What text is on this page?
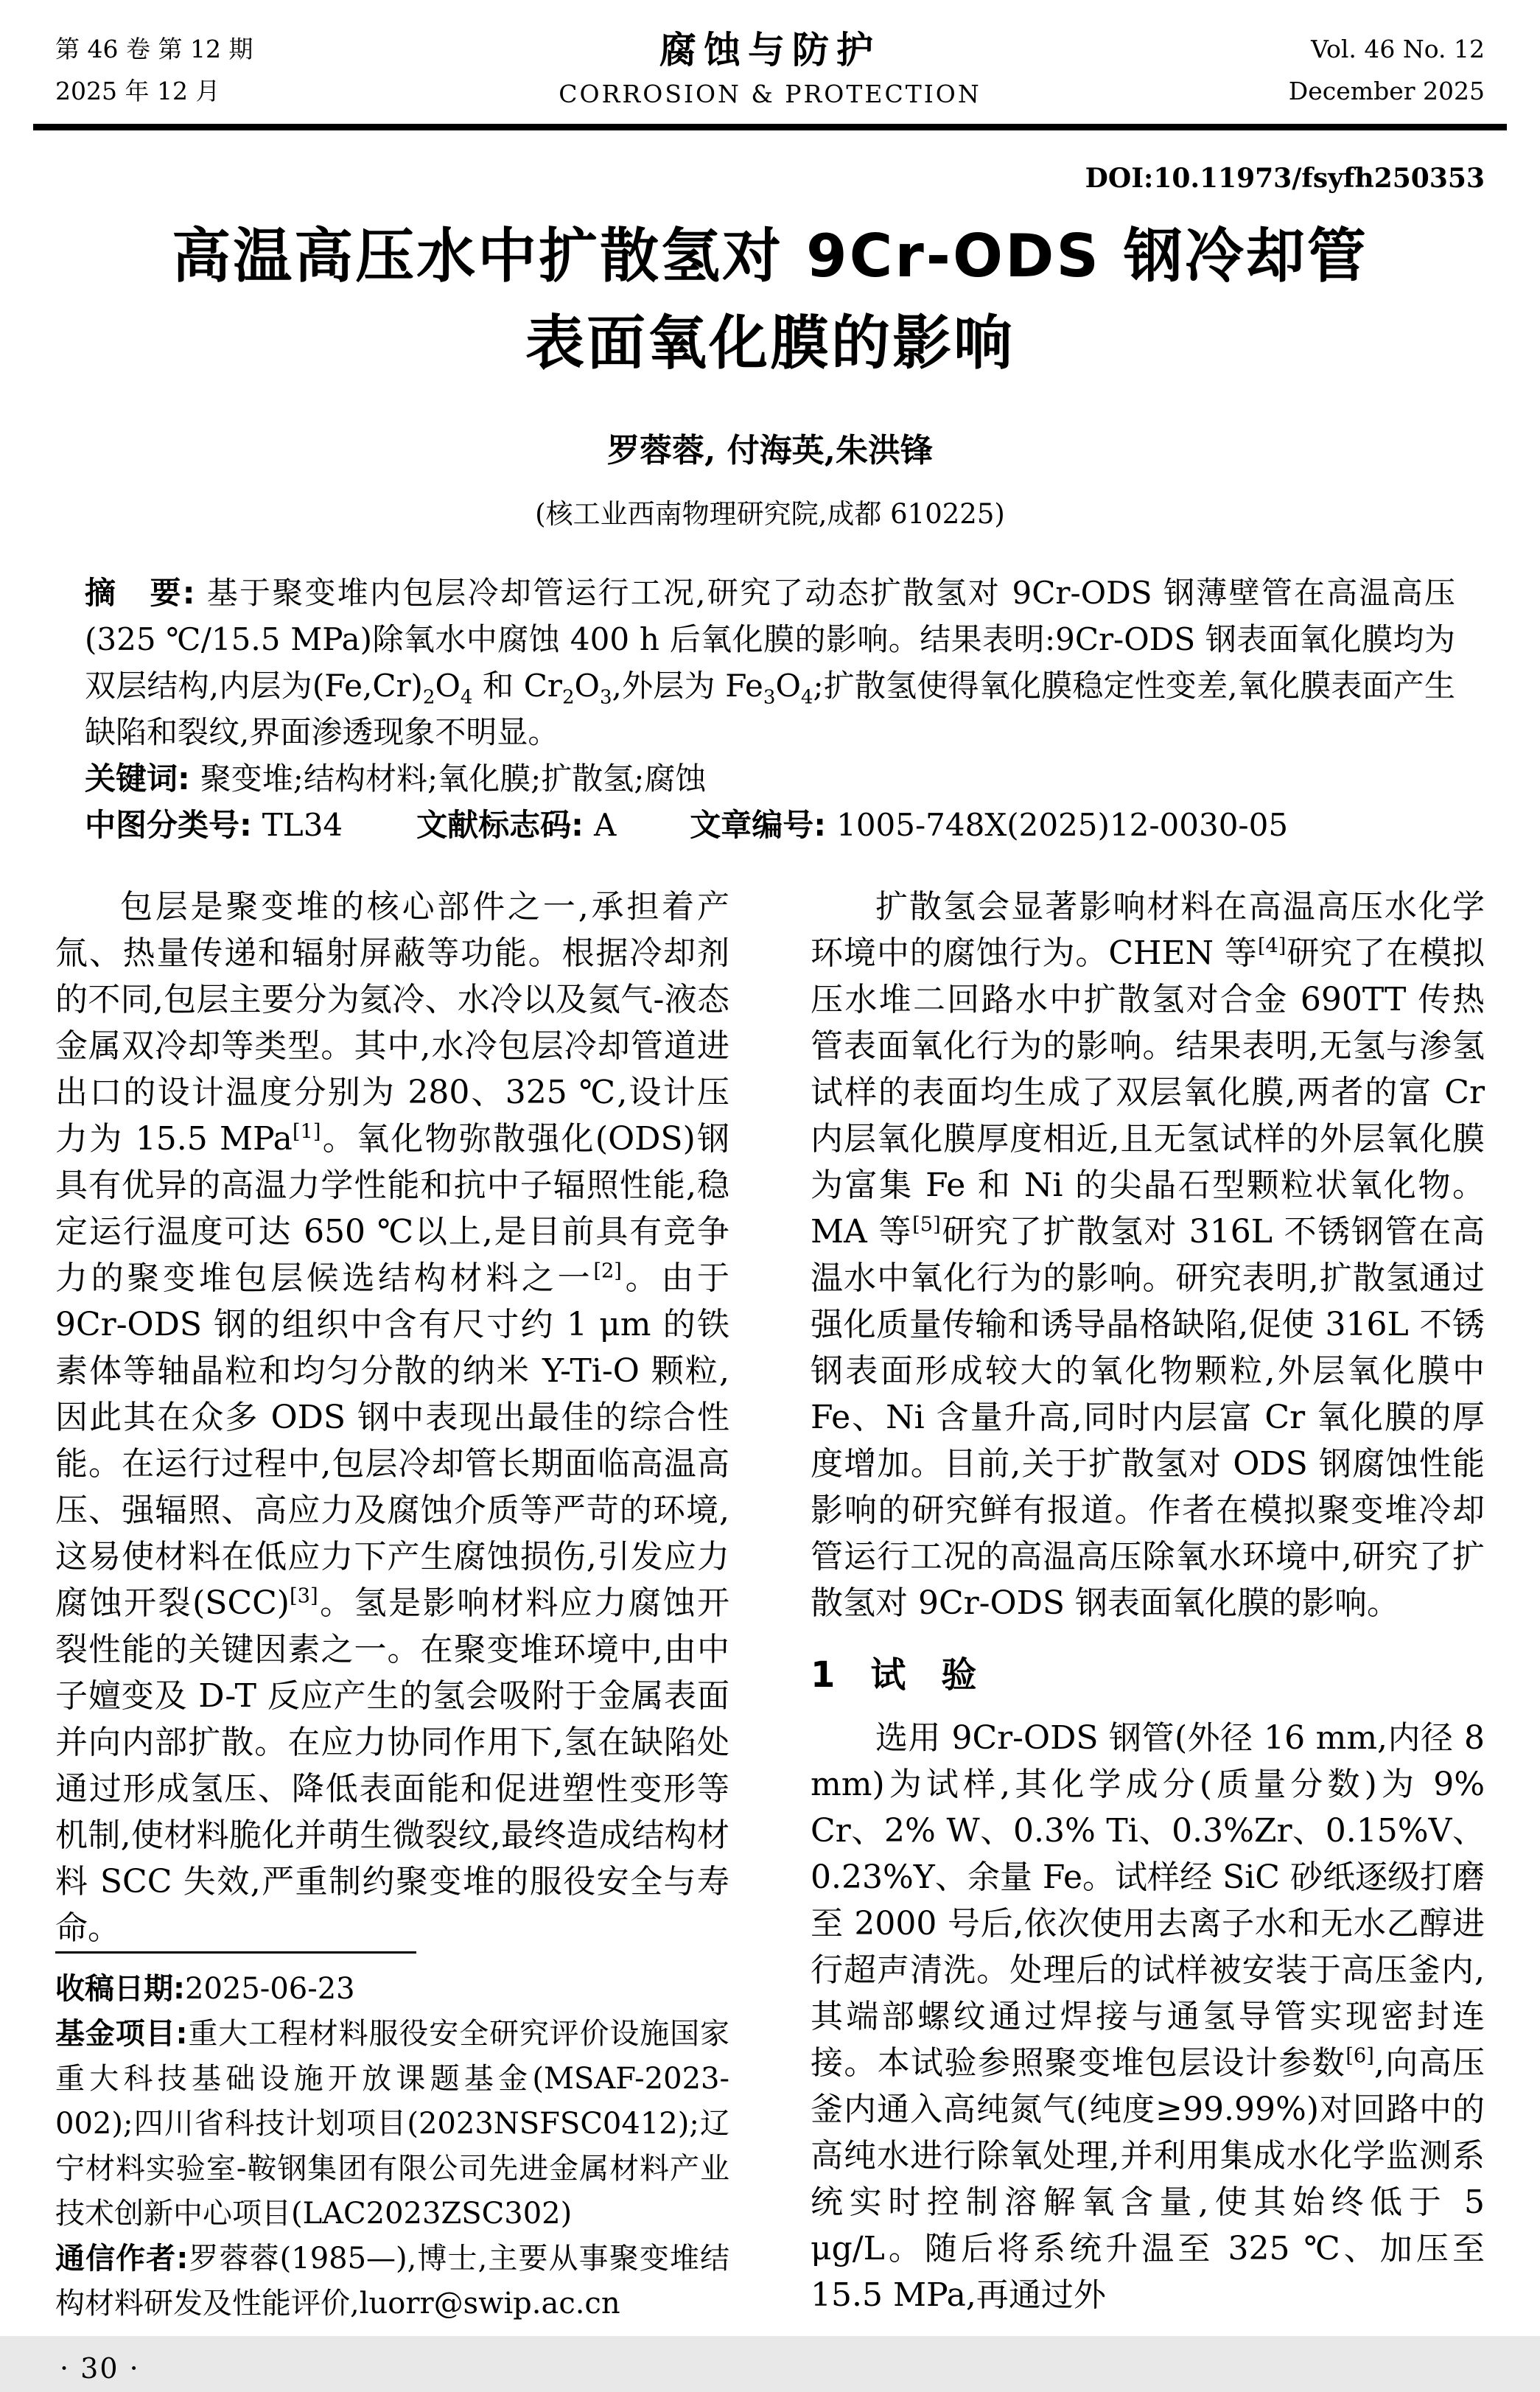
第 46 卷 第 12 期
2025 年 12 月
腐蚀与防护
CORROSION & PROTECTION
Vol. 46 No. 12
December 2025
DOI:10.11973/fsyfh250353
高温高压水中扩散氢对 9Cr-ODS 钢冷却管
表面氧化膜的影响
罗蓉蓉, 付海英,朱洪锋
(核工业西南物理研究院,成都 610225)

摘　要: 基于聚变堆内包层冷却管运行工况,研究了动态扩散氢对 9Cr-ODS 钢薄壁管在高温高压(325 ℃/15.5 MPa)除氧水中腐蚀 400 h 后氧化膜的影响。结果表明:9Cr-ODS 钢表面氧化膜均为双层结构,内层为$(Fe,Cr)_2O_4$ 和 $Cr_2O_3$,外层为 $Fe_3O_4$;扩散氢使得氧化膜稳定性变差,氧化膜表面产生缺陷和裂纹,界面渗透现象不明显。

关键词: 聚变堆;结构材料;氧化膜;扩散氢;腐蚀

中图分类号: TL34 文献标志码: A 文章编号: 1005-748X(2025)12-0030-05

包层是聚变堆的核心部件之一,承担着产氚、热量传递和辐射屏蔽等功能。根据冷却剂的不同,包层主要分为氦冷、水冷以及氦气-液态金属双冷却等类型。其中,水冷包层冷却管道进出口的设计温度分别为 280、325 ℃,设计压力为 15.5 MPa[1]。氧化物弥散强化(ODS)钢具有优异的高温力学性能和抗中子辐照性能,稳定运行温度可达 650 ℃以上,是目前具有竞争力的聚变堆包层候选结构材料之一[2]。由于 9Cr-ODS 钢的组织中含有尺寸约 1 μm 的铁素体等轴晶粒和均匀分散的纳米 Y-Ti-O 颗粒,因此其在众多 ODS 钢中表现出最佳的综合性能。在运行过程中,包层冷却管长期面临高温高压、强辐照、高应力及腐蚀介质等严苛的环境,这易使材料在低应力下产生腐蚀损伤,引发应力腐蚀开裂(SCC)[3]。氢是影响材料应力腐蚀开裂性能的关键因素之一。在聚变堆环境中,由中子嬗变及 D-T 反应产生的氢会吸附于金属表面并向内部扩散。在应力协同作用下,氢在缺陷处通过形成氢压、降低表面能和促进塑性变形等机制,使材料脆化并萌生微裂纹,最终造成结构材料 SCC 失效,严重制约聚变堆的服役安全与寿命。

收稿日期:2025-06-23

基金项目:重大工程材料服役安全研究评价设施国家重大科技基础设施开放课题基金(MSAF-2023-002);四川省科技计划项目(2023NSFSC0412);辽宁材料实验室-鞍钢集团有限公司先进金属材料产业技术创新中心项目(LAC2023ZSC302)

通信作者:罗蓉蓉(1985—),博士,主要从事聚变堆结构材料研发及性能评价,luorr@swip.ac.cn

· 30 ·

扩散氢会显著影响材料在高温高压水化学环境中的腐蚀行为。CHEN 等[4]研究了在模拟压水堆二回路水中扩散氢对合金 690TT 传热管表面氧化行为的影响。结果表明,无氢与渗氢试样的表面均生成了双层氧化膜,两者的富 Cr 内层氧化膜厚度相近,且无氢试样的外层氧化膜为富集 Fe 和 Ni 的尖晶石型颗粒状氧化物。MA 等[5]研究了扩散氢对 316L 不锈钢管在高温水中氧化行为的影响。研究表明,扩散氢通过强化质量传输和诱导晶格缺陷,促使 316L 不锈钢表面形成较大的氧化物颗粒,外层氧化膜中 Fe、Ni 含量升高,同时内层富 Cr 氧化膜的厚度增加。目前,关于扩散氢对 ODS 钢腐蚀性能影响的研究鲜有报道。作者在模拟聚变堆冷却管运行工况的高温高压除氧水环境中,研究了扩散氢对 9Cr-ODS 钢表面氧化膜的影响。

1　试　验

选用 9Cr-ODS 钢管(外径 16 mm,内径 8 mm)为试样,其化学成分(质量分数)为 9% Cr、2% W、0.3% Ti、0.3%Zr、0.15%V、0.23%Y、余量 Fe。试样经 SiC 砂纸逐级打磨至 2000 号后,依次使用去离子水和无水乙醇进行超声清洗。处理后的试样被安装于高压釜内,其端部螺纹通过焊接与通氢导管实现密封连接。本试验参照聚变堆包层设计参数[6],向高压釜内通入高纯氮气(纯度≥99.99%)对回路中的高纯水进行除氧处理,并利用集成水化学监测系统实时控制溶解氧含量,使其始终低于 5 μg/L。随后将系统升温至 325 ℃、加压至 15.5 MPa,再通过外
